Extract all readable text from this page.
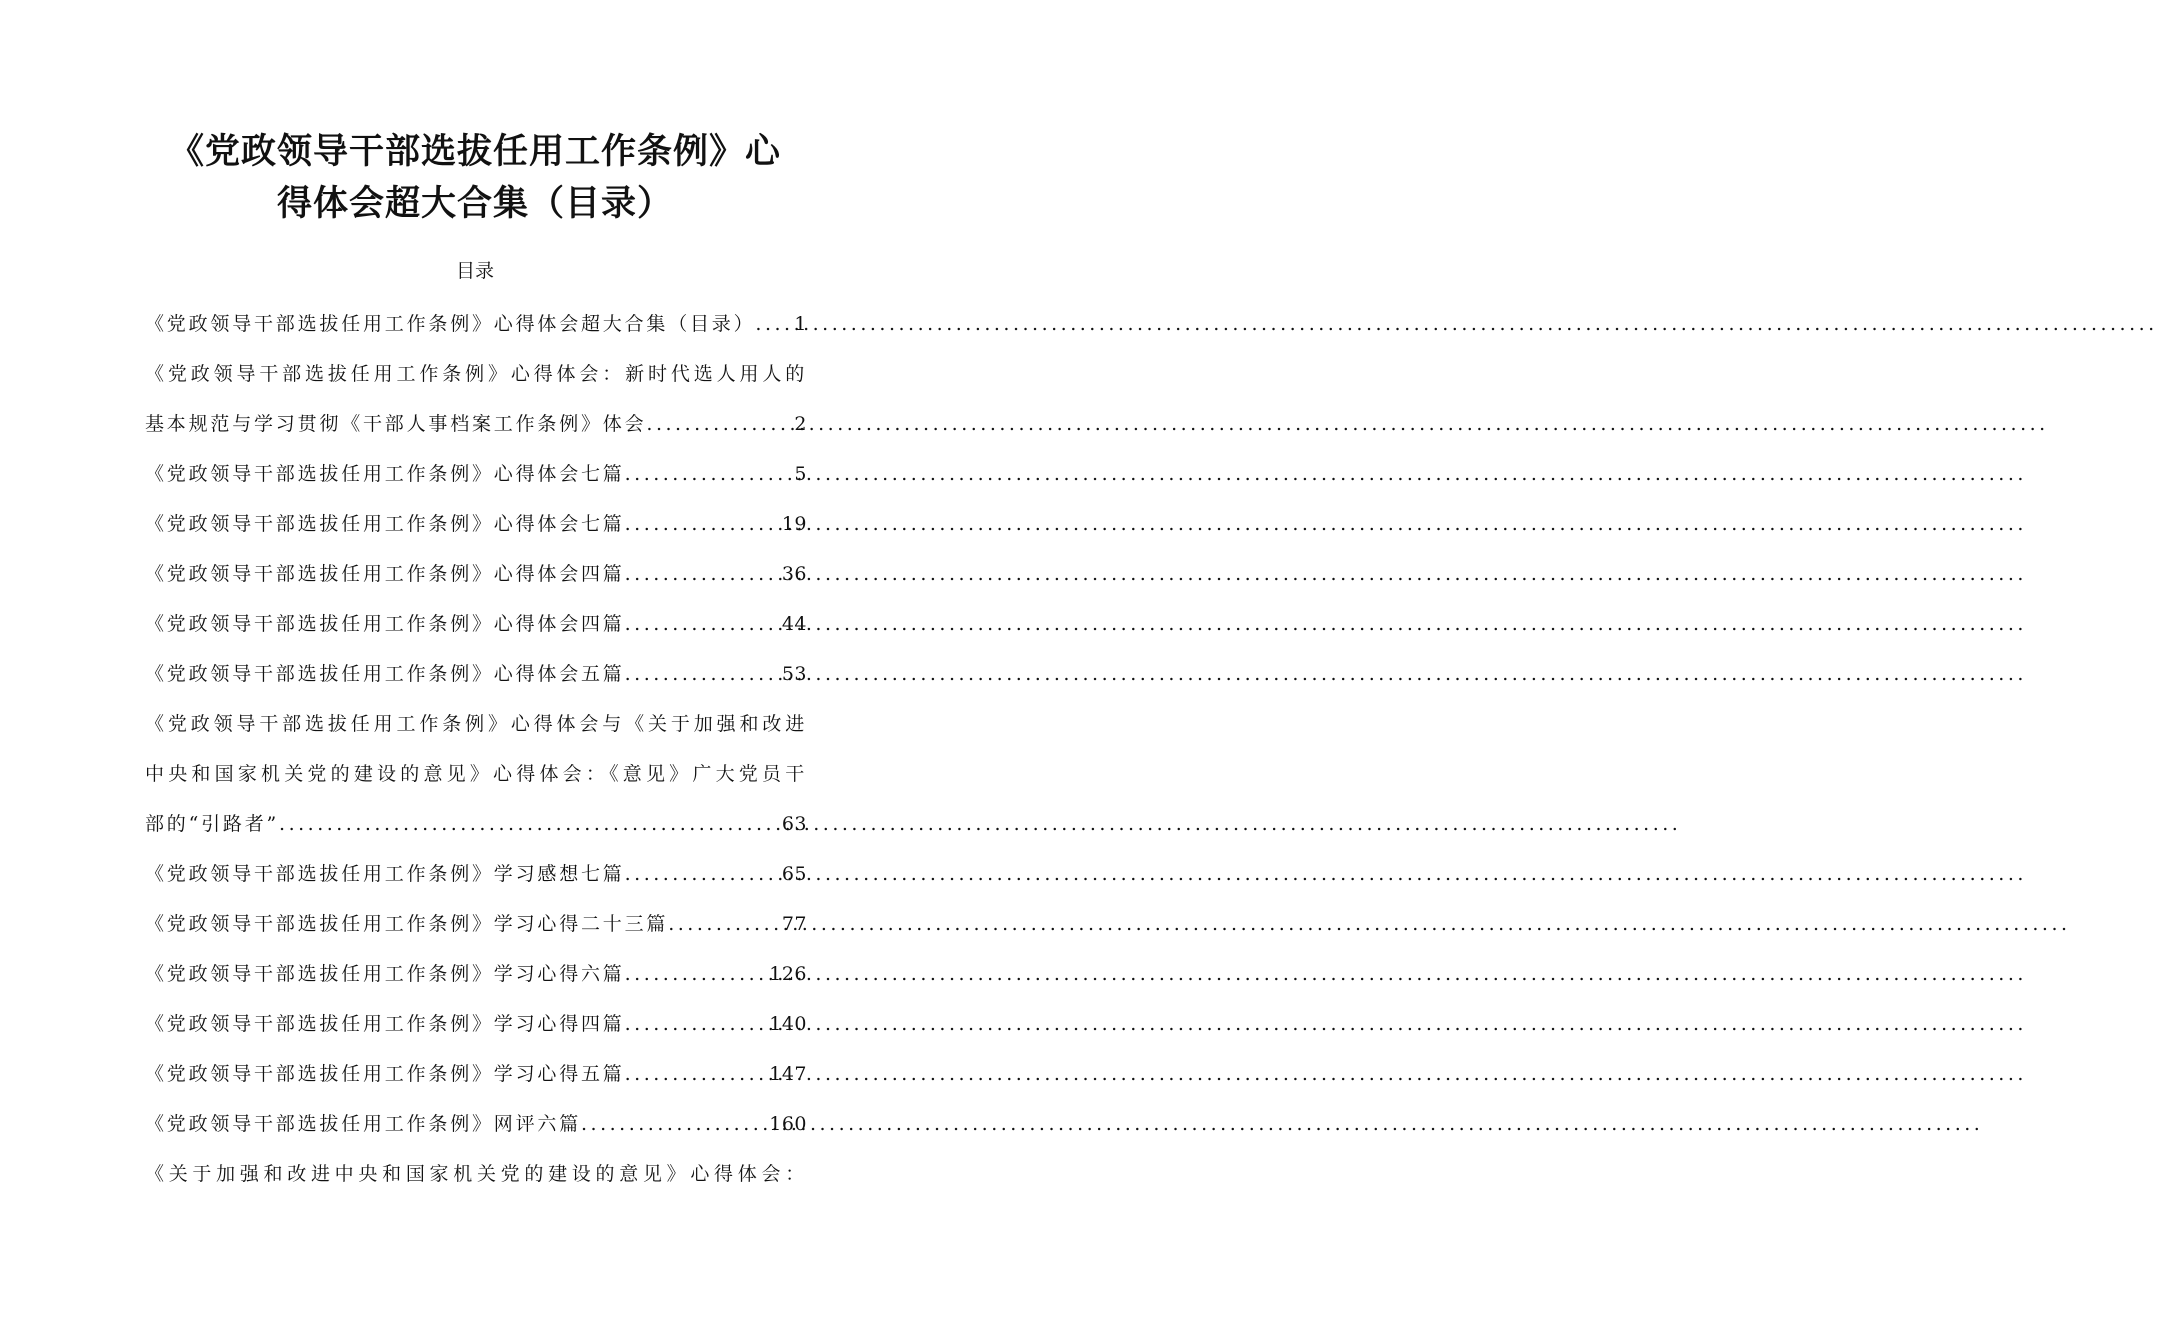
《党政领导干部选拔任用工作条例》心
得体会超大合集（目录）
目录
《党政领导干部选拔任用工作条例》心得体会超大合集（目录） ..... 1
《党政领导干部选拔任用工作条例》心得体会：新时代选人用人的
基本规范与学习贯彻《干部人事档案工作条例》体会 .....	2
《党政领导干部选拔任用工作条例》心得体会七篇 .....	5
《党政领导干部选拔任用工作条例》心得体会七篇 .....	19
《党政领导干部选拔任用工作条例》心得体会四篇 .....	36
《党政领导干部选拔任用工作条例》心得体会四篇 .....	44
《党政领导干部选拔任用工作条例》心得体会五篇 .....	53
《党政领导干部选拔任用工作条例》心得体会与《关于加强和改进
中央和国家机关党的建设的意见》心得体会：《意见》广大党员干
部的“引路者” .....	63
《党政领导干部选拔任用工作条例》学习感想七篇 .....	65
《党政领导干部选拔任用工作条例》学习心得二十三篇 .....	77
《党政领导干部选拔任用工作条例》学习心得六篇 .....	126
《党政领导干部选拔任用工作条例》学习心得四篇 .....	140
《党政领导干部选拔任用工作条例》学习心得五篇 .....	147
《党政领导干部选拔任用工作条例》网评六篇 .....	160
《关于加强和改进中央和国家机关党的建设的意见》心得体会：
